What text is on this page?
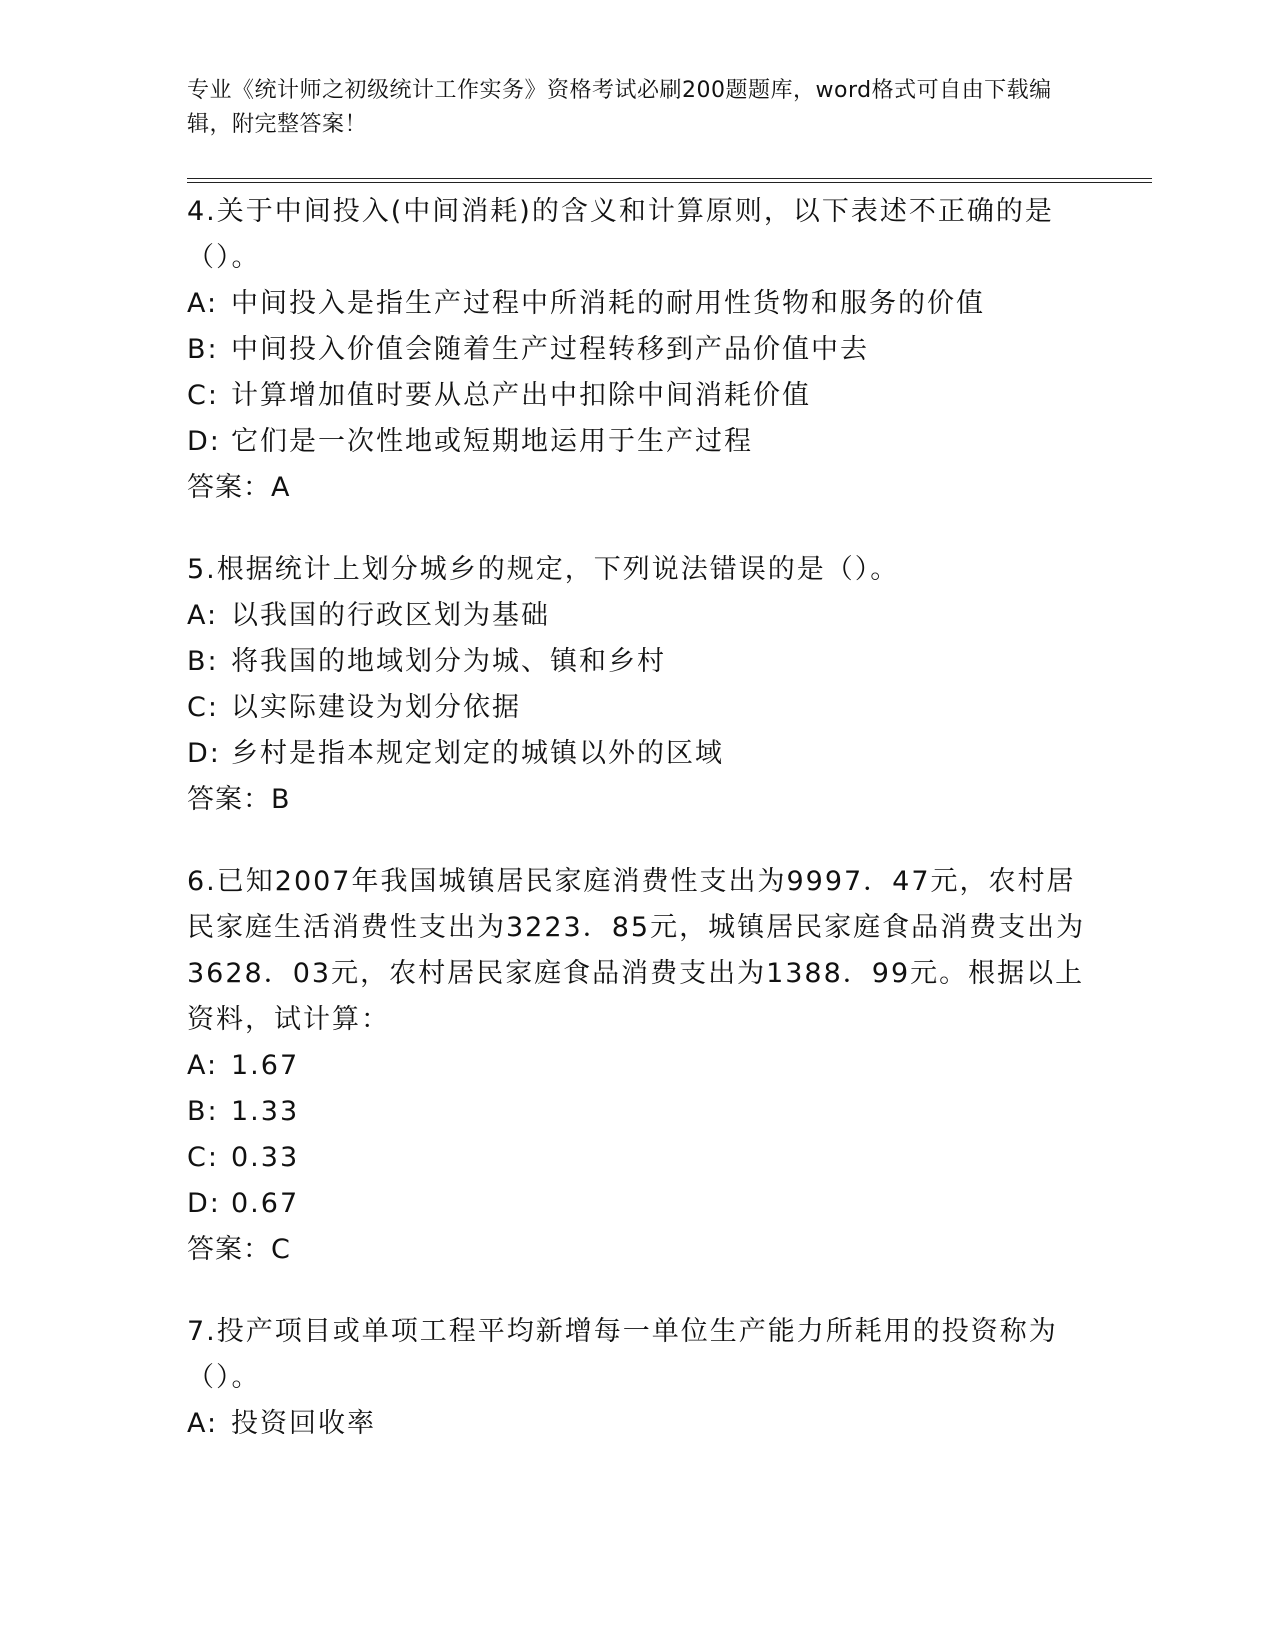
专业《统计师之初级统计工作实务》资格考试必刷200题题库，word格式可自由下载编辑，附完整答案！
4.关于中间投入(中间消耗)的含义和计算原则，以下表述不正确的是（）。
A: 中间投入是指生产过程中所消耗的耐用性货物和服务的价值
B: 中间投入价值会随着生产过程转移到产品价值中去
C: 计算增加值时要从总产出中扣除中间消耗价值
D: 它们是一次性地或短期地运用于生产过程
答案：A
5.根据统计上划分城乡的规定，下列说法错误的是（）。
A: 以我国的行政区划为基础
B: 将我国的地域划分为城、镇和乡村
C: 以实际建设为划分依据
D: 乡村是指本规定划定的城镇以外的区域
答案：B
6.已知2007年我国城镇居民家庭消费性支出为9997．47元，农村居民家庭生活消费性支出为3223．85元，城镇居民家庭食品消费支出为3628．03元，农村居民家庭食品消费支出为1388．99元。根据以上资料，试计算：
A: 1.67
B: 1.33
C: 0.33
D: 0.67
答案：C
7.投产项目或单项工程平均新增每一单位生产能力所耗用的投资称为（）。
A: 投资回收率
